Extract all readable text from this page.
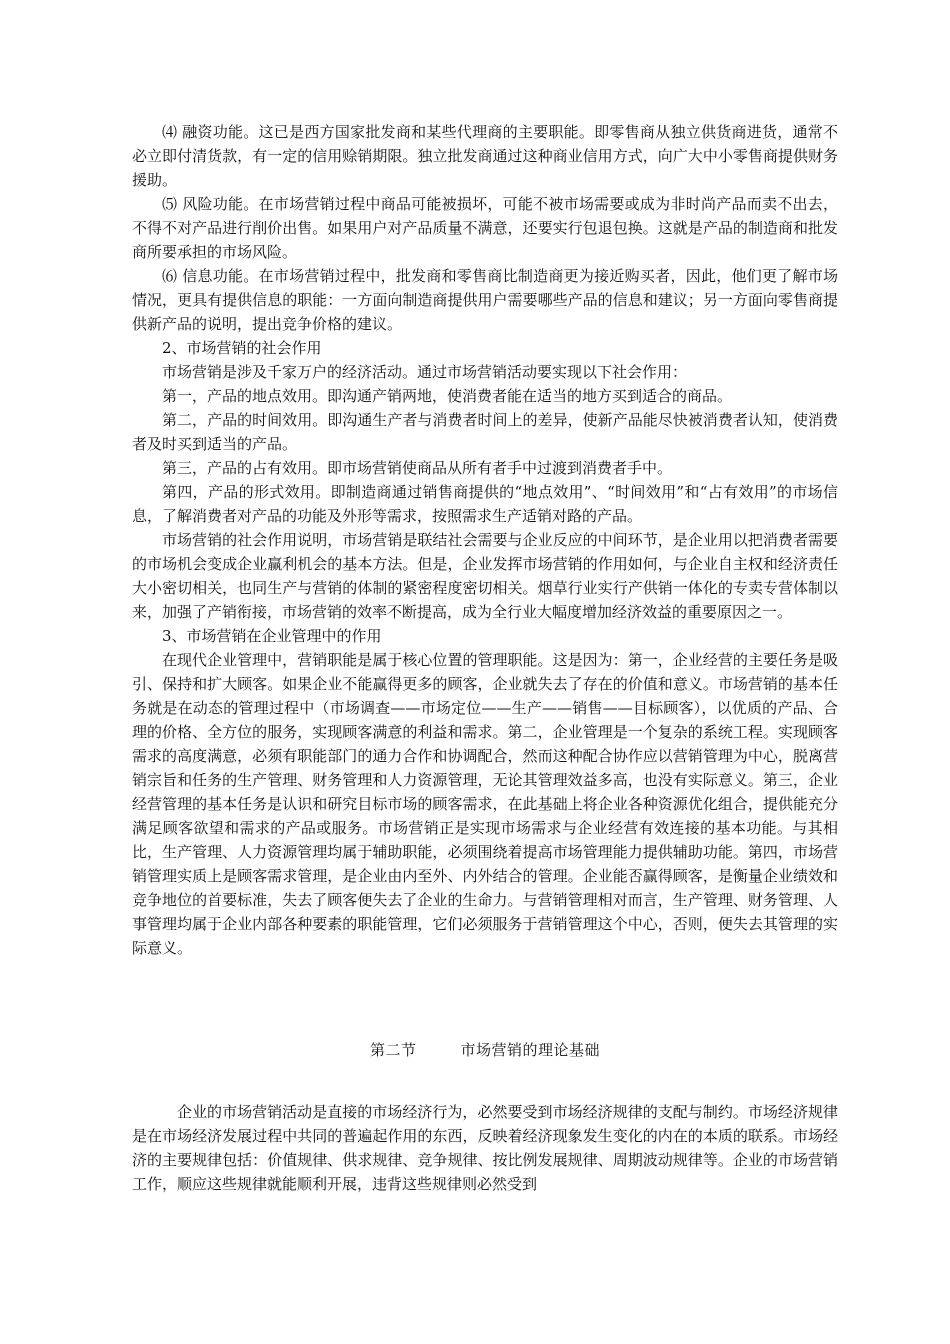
⑷ 融资功能。这已是西方国家批发商和某些代理商的主要职能。即零售商从独立供货商进货，通常不必立即付清货款，有一定的信用赊销期限。独立批发商通过这种商业信用方式，向广大中小零售商提供财务援助。

⑸ 风险功能。在市场营销过程中商品可能被损坏，可能不被市场需要或成为非时尚产品而卖不出去，不得不对产品进行削价出售。如果用户对产品质量不满意，还要实行包退包换。这就是产品的制造商和批发商所要承担的市场风险。

⑹ 信息功能。在市场营销过程中，批发商和零售商比制造商更为接近购买者，因此，他们更了解市场情况，更具有提供信息的职能：一方面向制造商提供用户需要哪些产品的信息和建议；另一方面向零售商提供新产品的说明，提出竞争价格的建议。

2、市场营销的社会作用

市场营销是涉及千家万户的经济活动。通过市场营销活动要实现以下社会作用：

第一，产品的地点效用。即沟通产销两地，使消费者能在适当的地方买到适合的商品。

第二，产品的时间效用。即沟通生产者与消费者时间上的差异，使新产品能尽快被消费者认知，使消费者及时买到适当的产品。

第三，产品的占有效用。即市场营销使商品从所有者手中过渡到消费者手中。

第四，产品的形式效用。即制造商通过销售商提供的“地点效用”、“时间效用”和“占有效用”的市场信息，了解消费者对产品的功能及外形等需求，按照需求生产适销对路的产品。

市场营销的社会作用说明，市场营销是联结社会需要与企业反应的中间环节，是企业用以把消费者需要的市场机会变成企业赢利机会的基本方法。但是，企业发挥市场营销的作用如何，与企业自主权和经济责任大小密切相关，也同生产与营销的体制的紧密程度密切相关。烟草行业实行产供销一体化的专卖专营体制以来，加强了产销衔接，市场营销的效率不断提高，成为全行业大幅度增加经济效益的重要原因之一。

3、市场营销在企业管理中的作用

在现代企业管理中，营销职能是属于核心位置的管理职能。这是因为：第一，企业经营的主要任务是吸引、保持和扩大顾客。如果企业不能赢得更多的顾客，企业就失去了存在的价值和意义。市场营销的基本任务就是在动态的管理过程中（市场调查——市场定位——生产——销售——目标顾客），以优质的产品、合理的价格、全方位的服务，实现顾客满意的利益和需求。第二，企业管理是一个复杂的系统工程。实现顾客需求的高度满意，必须有职能部门的通力合作和协调配合，然而这种配合协作应以营销管理为中心，脱离营销宗旨和任务的生产管理、财务管理和人力资源管理，无论其管理效益多高，也没有实际意义。第三，企业经营管理的基本任务是认识和研究目标市场的顾客需求，在此基础上将企业各种资源优化组合，提供能充分满足顾客欲望和需求的产品或服务。市场营销正是实现市场需求与企业经营有效连接的基本功能。与其相比，生产管理、人力资源管理均属于辅助职能，必须围绕着提高市场管理能力提供辅助功能。第四，市场营销管理实质上是顾客需求管理，是企业由内至外、内外结合的管理。企业能否赢得顾客，是衡量企业绩效和竞争地位的首要标准，失去了顾客便失去了企业的生命力。与营销管理相对而言，生产管理、财务管理、人事管理均属于企业内部各种要素的职能管理，它们必须服务于营销管理这个中心，否则，便失去其管理的实际意义。

第二节	市场营销的理论基础

企业的市场营销活动是直接的市场经济行为，必然要受到市场经济规律的支配与制约。市场经济规律是在市场经济发展过程中共同的普遍起作用的东西，反映着经济现象发生变化的内在的本质的联系。市场经济的主要规律包括：价值规律、供求规律、竞争规律、按比例发展规律、周期波动规律等。企业的市场营销工作，顺应这些规律就能顺利开展，违背这些规律则必然受到
